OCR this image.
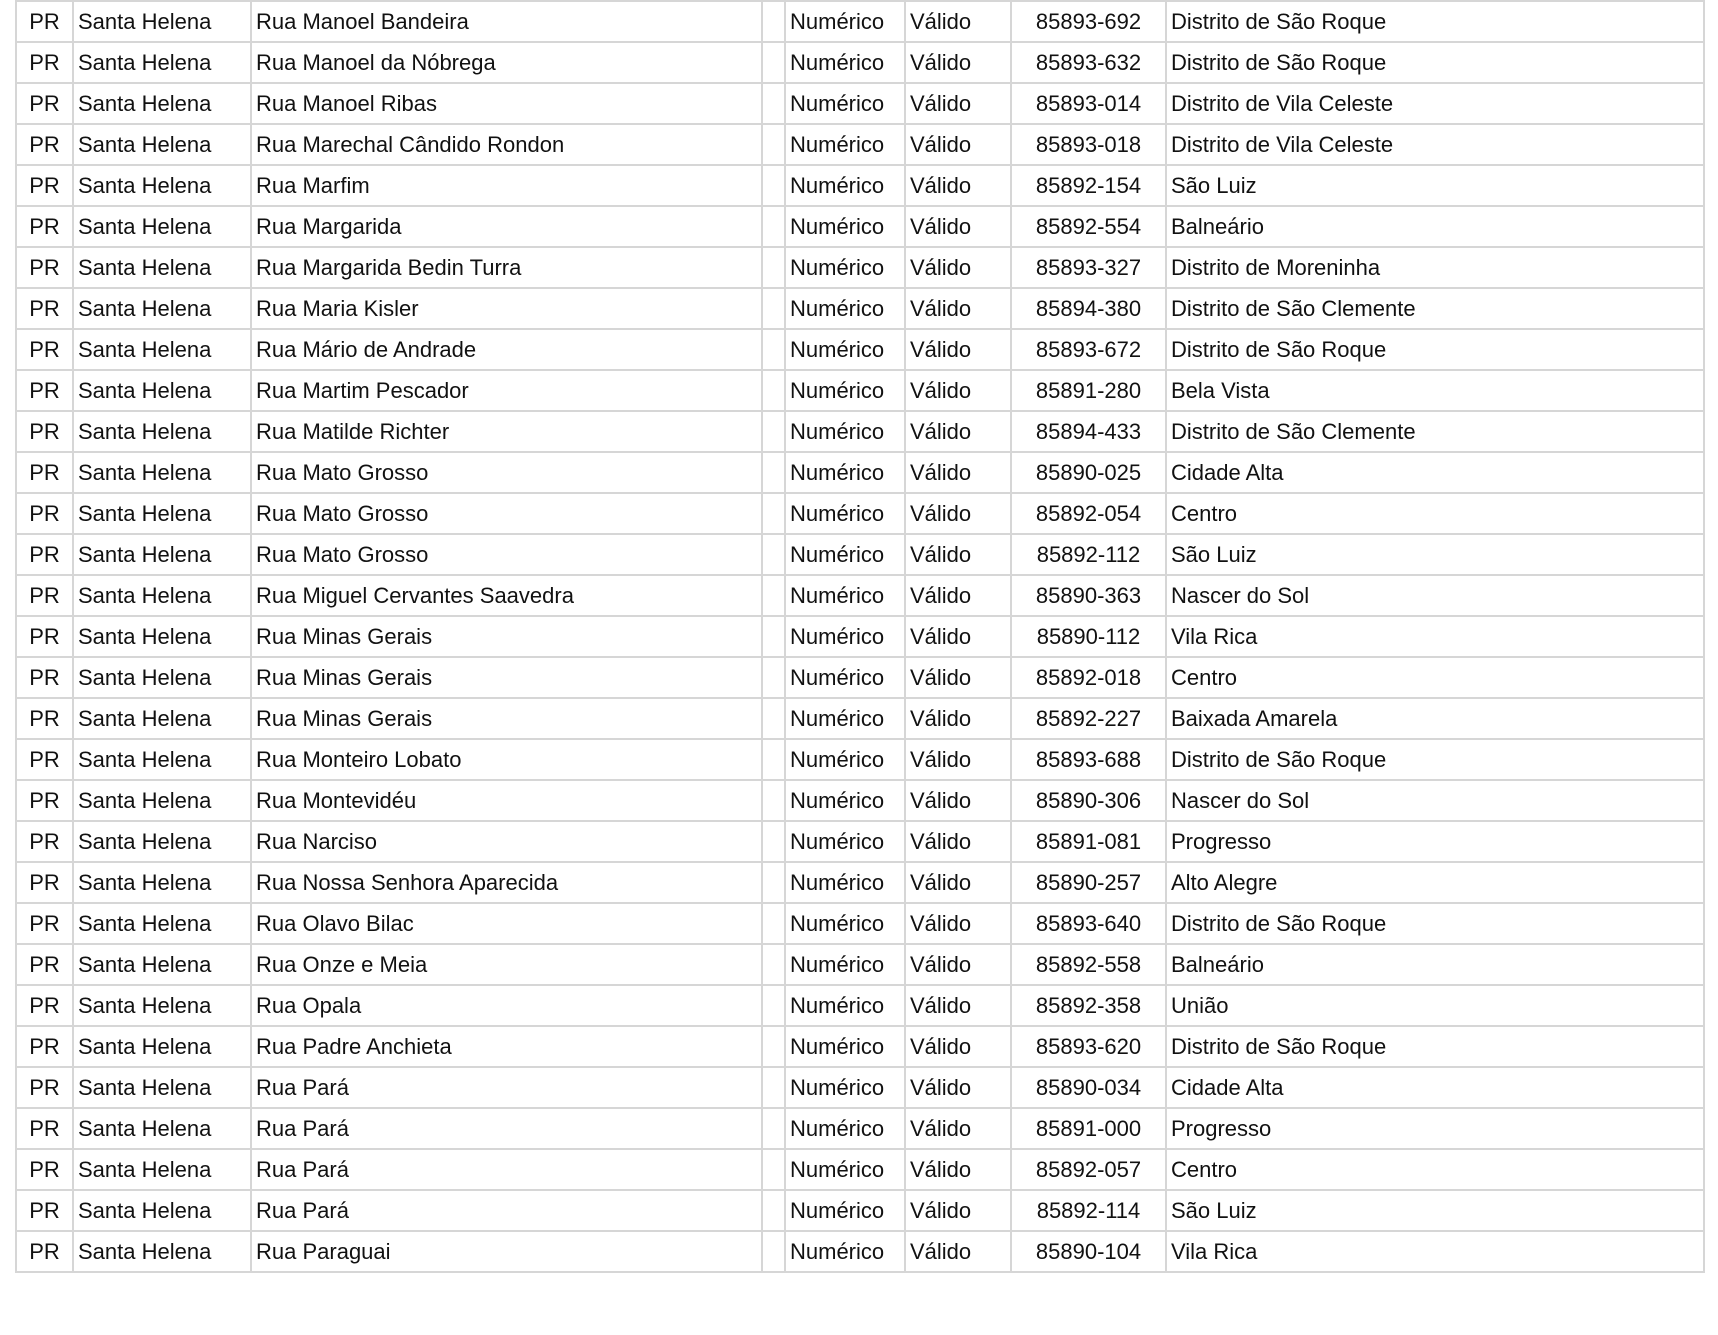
PR	Santa Helena	Rua Manoel Bandeira		Numérico	Válido	85893-692	Distrito de São Roque
PR	Santa Helena	Rua Manoel da Nóbrega		Numérico	Válido	85893-632	Distrito de São Roque
PR	Santa Helena	Rua Manoel Ribas		Numérico	Válido	85893-014	Distrito de Vila Celeste
PR	Santa Helena	Rua Marechal Cândido Rondon		Numérico	Válido	85893-018	Distrito de Vila Celeste
PR	Santa Helena	Rua Marfim		Numérico	Válido	85892-154	São Luiz
PR	Santa Helena	Rua Margarida		Numérico	Válido	85892-554	Balneário
PR	Santa Helena	Rua Margarida Bedin Turra		Numérico	Válido	85893-327	Distrito de Moreninha
PR	Santa Helena	Rua Maria Kisler		Numérico	Válido	85894-380	Distrito de São Clemente
PR	Santa Helena	Rua Mário de Andrade		Numérico	Válido	85893-672	Distrito de São Roque
PR	Santa Helena	Rua Martim Pescador		Numérico	Válido	85891-280	Bela Vista
PR	Santa Helena	Rua Matilde Richter		Numérico	Válido	85894-433	Distrito de São Clemente
PR	Santa Helena	Rua Mato Grosso		Numérico	Válido	85890-025	Cidade Alta
PR	Santa Helena	Rua Mato Grosso		Numérico	Válido	85892-054	Centro
PR	Santa Helena	Rua Mato Grosso		Numérico	Válido	85892-112	São Luiz
PR	Santa Helena	Rua Miguel Cervantes Saavedra		Numérico	Válido	85890-363	Nascer do Sol
PR	Santa Helena	Rua Minas Gerais		Numérico	Válido	85890-112	Vila Rica
PR	Santa Helena	Rua Minas Gerais		Numérico	Válido	85892-018	Centro
PR	Santa Helena	Rua Minas Gerais		Numérico	Válido	85892-227	Baixada Amarela
PR	Santa Helena	Rua Monteiro Lobato		Numérico	Válido	85893-688	Distrito de São Roque
PR	Santa Helena	Rua Montevidéu		Numérico	Válido	85890-306	Nascer do Sol
PR	Santa Helena	Rua Narciso		Numérico	Válido	85891-081	Progresso
PR	Santa Helena	Rua Nossa Senhora Aparecida		Numérico	Válido	85890-257	Alto Alegre
PR	Santa Helena	Rua Olavo Bilac		Numérico	Válido	85893-640	Distrito de São Roque
PR	Santa Helena	Rua Onze e Meia		Numérico	Válido	85892-558	Balneário
PR	Santa Helena	Rua Opala		Numérico	Válido	85892-358	União
PR	Santa Helena	Rua Padre Anchieta		Numérico	Válido	85893-620	Distrito de São Roque
PR	Santa Helena	Rua Pará		Numérico	Válido	85890-034	Cidade Alta
PR	Santa Helena	Rua Pará		Numérico	Válido	85891-000	Progresso
PR	Santa Helena	Rua Pará		Numérico	Válido	85892-057	Centro
PR	Santa Helena	Rua Pará		Numérico	Válido	85892-114	São Luiz
PR	Santa Helena	Rua Paraguai		Numérico	Válido	85890-104	Vila Rica
